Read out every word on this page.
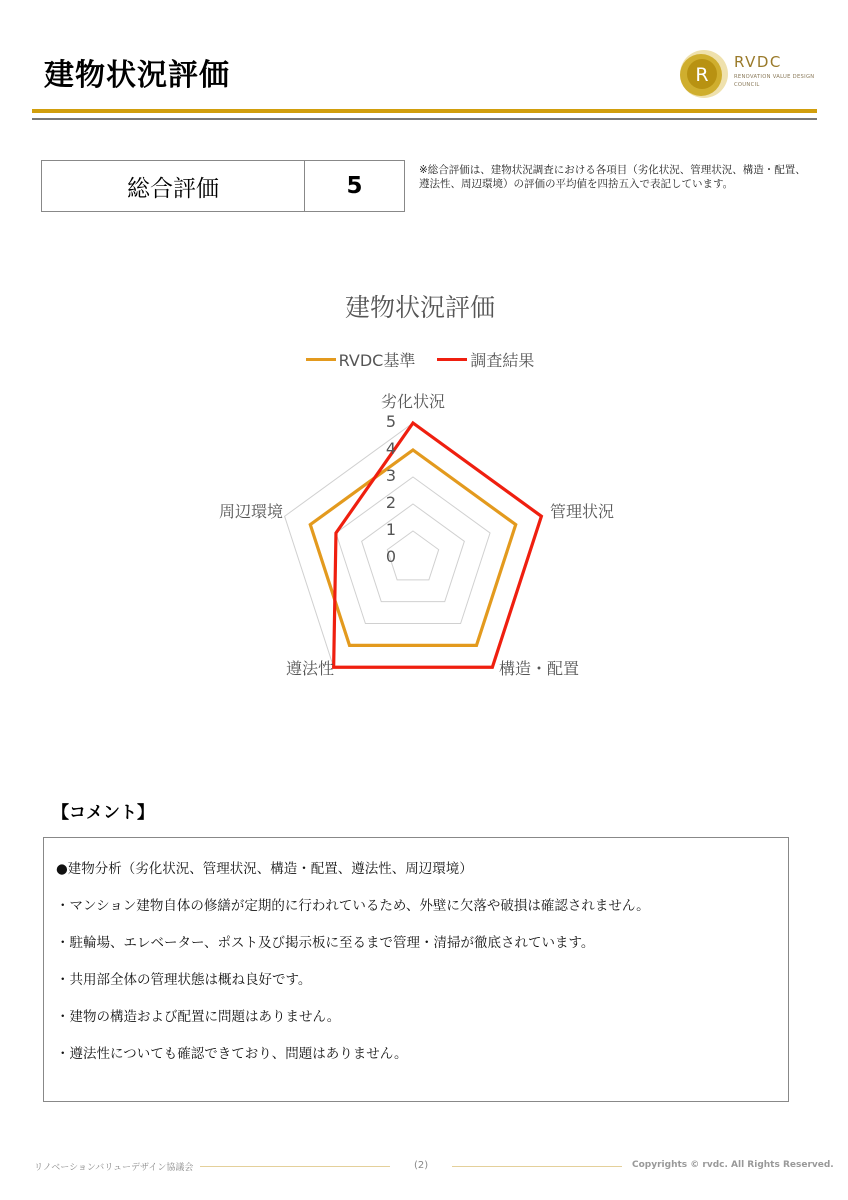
建物状況評価	R
RVDC
RENOVATION VALUE DESIGN
COUNCIL
総合評価	5
※総合評価は、建物状況調査における各項目（劣化状況、管理状況、構造・配置、遵法性、周辺環境）の評価の平均値を四捨五入で表記しています。
建物状況評価
RVDC基準	調査結果
劣化状況
管理状況
構造・配置
遵法性
周辺環境
0
1
2
3
4
5
【コメント】
●建物分析（劣化状況、管理状況、構造・配置、遵法性、周辺環境）
・マンション建物自体の修繕が定期的に行われているため、外壁に欠落や破損は確認されません。
・駐輪場、エレベーター、ポスト及び掲示板に至るまで管理・清掃が徹底されています。
・共用部全体の管理状態は概ね良好です。
・建物の構造および配置に問題はありません。
・遵法性についても確認できており、問題はありません。
リノベーションバリューデザイン協議会	(2)	Copyrights © rvdc. All Rights Reserved.
